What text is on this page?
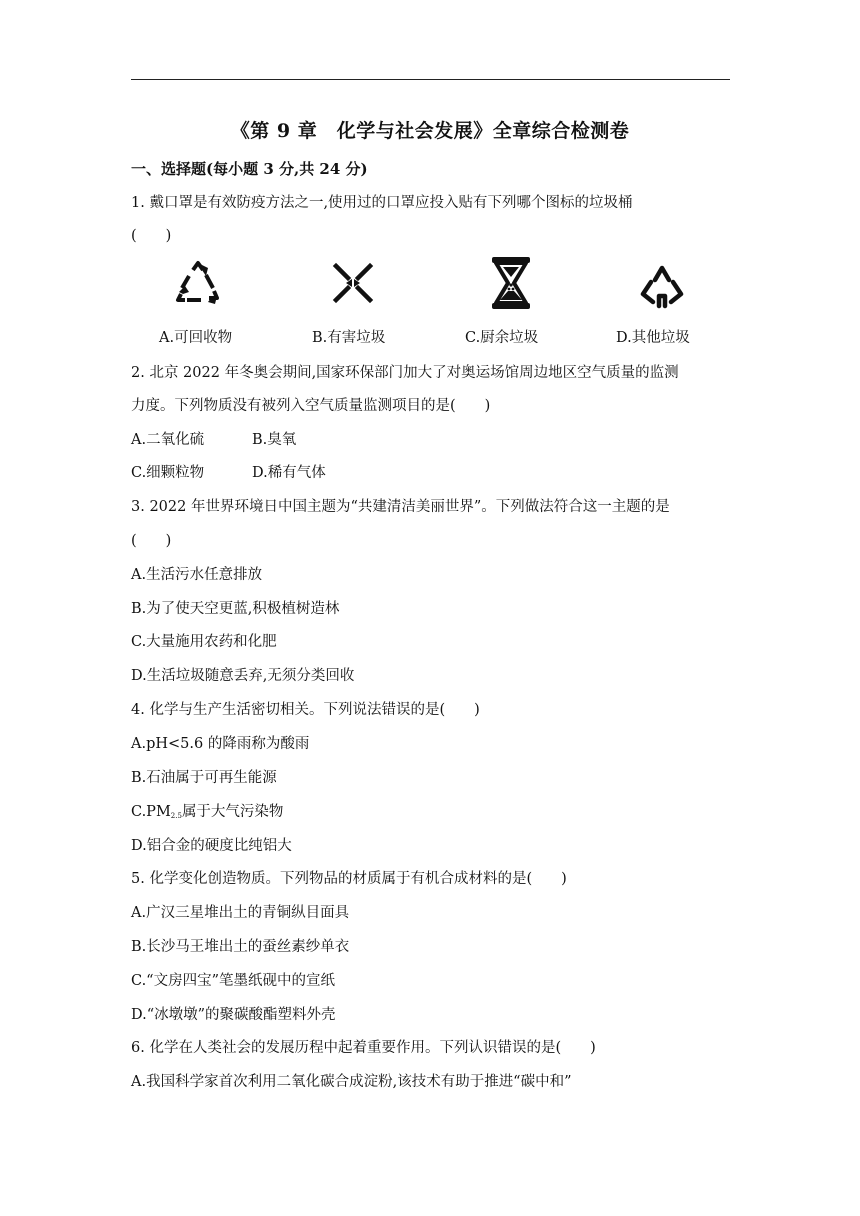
《第 9 章　化学与社会发展》全章综合检测卷
一、选择题(每小题 3 分,共 24 分)
1. 戴口罩是有效防疫方法之一,使用过的口罩应投入贴有下列哪个图标的垃圾桶
(　　)
A.可回收物	B.有害垃圾	C.厨余垃圾	D.其他垃圾
2. 北京 2022 年冬奥会期间,国家环保部门加大了对奥运场馆周边地区空气质量的监测
力度。下列物质没有被列入空气质量监测项目的是(　　)
A.二氧化硫	B.臭氧
C.细颗粒物	D.稀有气体
3. 2022 年世界环境日中国主题为“共建清洁美丽世界”。下列做法符合这一主题的是
(　　)
A.生活污水任意排放
B.为了使天空更蓝,积极植树造林
C.大量施用农药和化肥
D.生活垃圾随意丢弃,无须分类回收
4. 化学与生产生活密切相关。下列说法错误的是(　　)
A.pH<5.6 的降雨称为酸雨
B.石油属于可再生能源
$C.PM_{2.5}$属于大气污染物
D.铝合金的硬度比纯铝大
5. 化学变化创造物质。下列物品的材质属于有机合成材料的是(　　)
A.广汉三星堆出土的青铜纵目面具
B.长沙马王堆出土的蚕丝素纱单衣
C.“文房四宝”笔墨纸砚中的宣纸
D.“冰墩墩”的聚碳酸酯塑料外壳
6. 化学在人类社会的发展历程中起着重要作用。下列认识错误的是(　　)
A.我国科学家首次利用二氧化碳合成淀粉,该技术有助于推进“碳中和”
